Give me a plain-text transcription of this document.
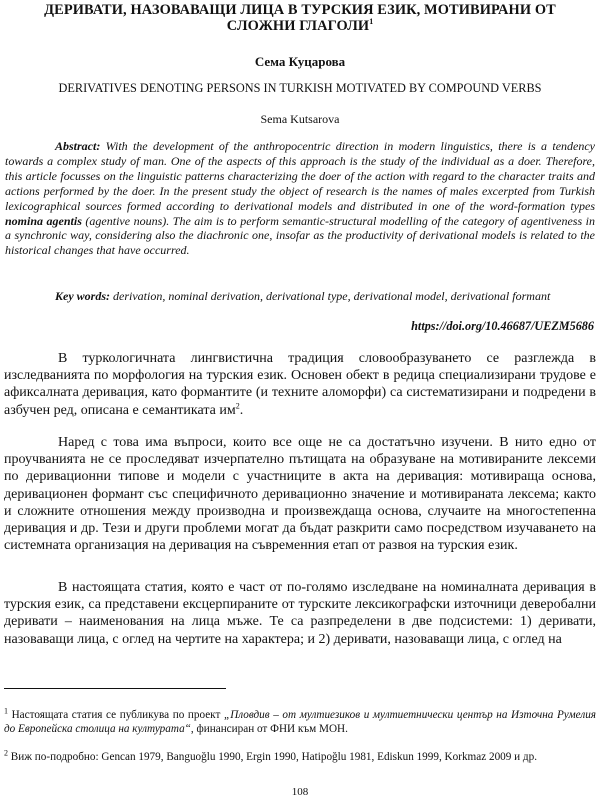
ДЕРИВАТИ, НАЗОВАВАЩИ ЛИЦА В ТУРСКИЯ ЕЗИК, МОТИВИРАНИ ОТ СЛОЖНИ ГЛАГОЛИ$^1$
Сема Куцарова
DERIVATIVES DENOTING PERSONS IN TURKISH MOTIVATED BY COMPOUND VERBS
Sema Kutsarova
Abstract: With the development of the anthropocentric direction in modern linguistics, there is a tendency towards a complex study of man. One of the aspects of this approach is the study of the individual as a doer. Therefore, this article focusses on the linguistic patterns characterizing the doer of the action with regard to the character traits and actions performed by the doer. In the present study the object of research is the names of males excerpted from Turkish lexicographical sources formed according to derivational models and distributed in one of the word-formation types nomina agentis (agentive nouns). The aim is to perform semantic-structural modelling of the category of agentiveness in a synchronic way, considering also the diachronic one, insofar as the productivity of derivational models is related to the historical changes that have occurred.
Key words: derivation, nominal derivation, derivational type, derivational model, derivational formant
https://doi.org/10.46687/UEZM5686

В туркологичната лингвистична традиция словообразуването се разглежда в изследванията по морфология на турския език. Основен обект в редица специализирани трудове е афиксалната деривация, като формантите (и техните аломорфи) са систематизирани и подредени в азбучен ред, описана е семантиката $им^2$.

Наред с това има въпроси, които все още не са достатъчно изучени. В нито едно от проучванията не се проследяват изчерпателно пътищата на образуване на мотивираните лексеми по деривационни типове и модели с участниците в акта на деривация: мотивираща основа, деривационен формант със специфичното деривационно значение и мотивираната лексема; както и сложните отношения между производна и произвеждаща основа, случаите на многостепенна деривация и др. Тези и други проблеми могат да бъдат разкрити само посредством изучаването на системната организация на деривация на съвременния етап от развоя на турския език.

В настоящата статия, която е част от по-голямо изследване на номиналната деривация в турския език, са представени ексцерпираните от турските лексикографски източници деверобални деривати – наименования на лица мъже. Те са разпределени в две подсистеми: 1) деривати, назоваващи лица, с оглед на чертите на характера; и 2) деривати, назоваващи лица, с оглед на

$^1$ Настоящата статия се публикува по проект „Пловдив – от мултиезиков и мултиетнически център на Източна Румелия до Европейска столица на културата“, финансиран от ФНИ към МОН.

$^2$ Виж по-подробно: Gencan 1979, Banguoğlu 1990, Ergin 1990, Hatipoğlu 1981, Ediskun 1999, Korkmaz 2009 и др.

108
